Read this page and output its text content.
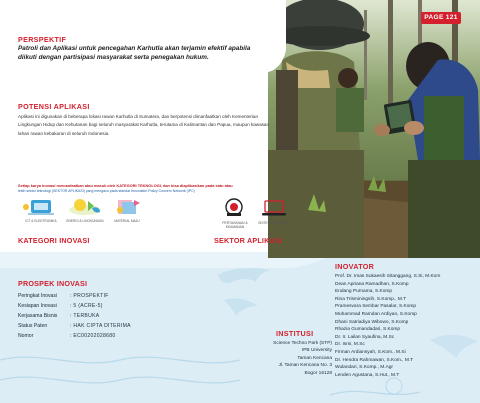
PAGE 121
PERSPEKTIF
Patroli dan Aplikasi untuk pencegahan Karhutla akan terjamin efektif apabila diikuti dengan partisipasi masyarakat serta penegakan hukum.
POTENSI APLIKASI
Aplikasi ini digunakan di beberapa lokasi rawan Karhutla di Sumatera, dan berpotensi dimanfaatkan oleh Kementerian Lingkungan Hidup dan Kehutanan bagi seluruh masyarakat Karhutla, terutama di Kalimantan dan Papua, maupun kawasan lahan rawan kebakaran di seluruh Indonesia.
Setiap karya inovasi memanfaatkan atau masuk oleh KATEGORI TEKNOLOGI, dan bisa diaplikasikan pada satu atau
lebih sektor teknologi (SEKTOR APLIKASI) yang mengacu pada standar Innovation Policy Concern Network (IPC)
ICT & ELEKTRONIKA	ENERGI & LINGKUNGAN	MATERIAL MAJU
KATEGORI INOVASI
PERTAHANAN & KEAMANAN
SISTEM INFORMASI
SEKTOR APLIKASI
PROSPEK INOVASI
Peringkat Inovasi	: PROSPEKTIF
Kesiapan Inovasi	: 5 (ACRE-5)
Kerjasama Bisnis	: TERBUKA
Status Paten	: HAK CIPTA DITERIMA
Nomor	: EC00202028680	INSTITUSI
Science Techno Park (STP)
IPB University
Taman Kencana
Jl. Taman Kencana No. 3
Bogor 16128
INOVATOR
Prof. Dr. Imas Sukaesih Sitanggang, S.Si, M.Kom
Dean Apriana Ramadhan, S.Komp
Endang Purnama, S.Komp
Rina Trisminingsih, S.Komp., M.T
Pramesvara Sembar Pasalar, S.Komp
Muhammad Ramdan Ardiyan, S.Komp
Dhani Satriadiya Wibowo, S.Komp
Rhazia Gumandadari, S.Komp
Dr. Ir. Lailan Syaufina, M.Sc
Dr. Ismi, M.Sc
Firman Ardiansyah, S.Kom., M.Si
Dr. Hendra Rahmawan, S.Kom., M.T
Wulandari, S.Komp., M.Agr
Lenden Agustana, S.Hut., M.T
